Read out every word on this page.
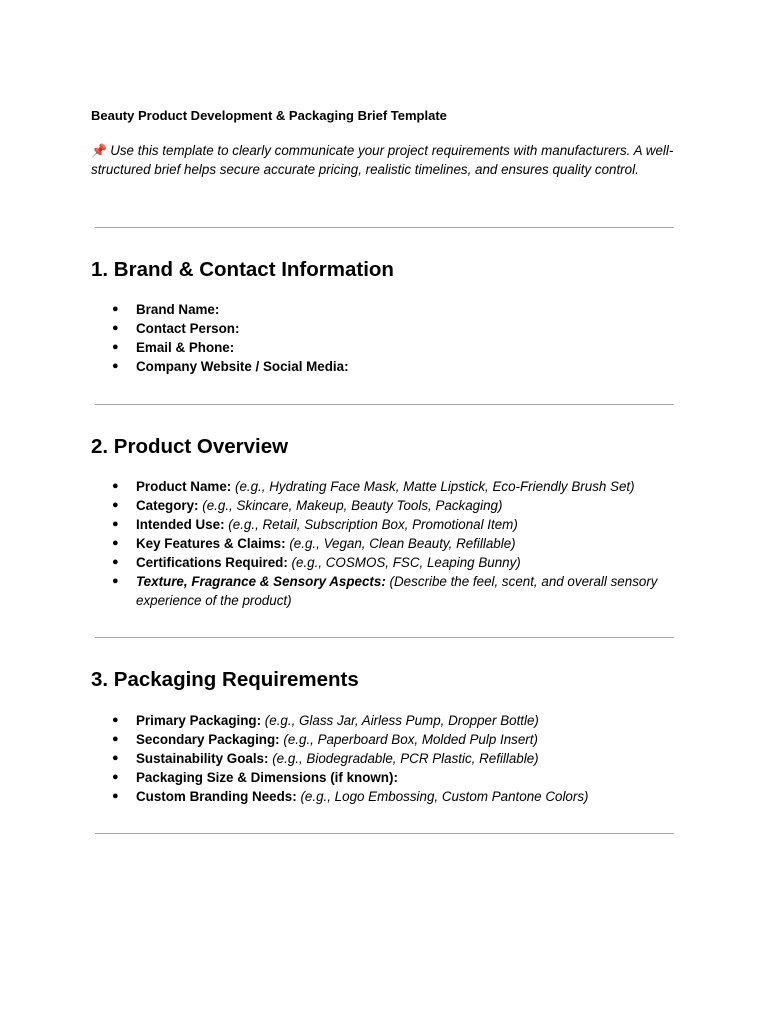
Beauty Product Development & Packaging Brief Template

📌 Use this template to clearly communicate your project requirements with manufacturers. A well-structured brief helps secure accurate pricing, realistic timelines, and ensures quality control.

1. Brand & Contact Information
● Brand Name:
● Contact Person:
● Email & Phone:
● Company Website / Social Media:
2. Product Overview
● Product Name: (e.g., Hydrating Face Mask, Matte Lipstick, Eco-Friendly Brush Set)
● Category: (e.g., Skincare, Makeup, Beauty Tools, Packaging)
● Intended Use: (e.g., Retail, Subscription Box, Promotional Item)
● Key Features & Claims: (e.g., Vegan, Clean Beauty, Refillable)
● Certifications Required: (e.g., COSMOS, FSC, Leaping Bunny)
● Texture, Fragrance & Sensory Aspects: (Describe the feel, scent, and overall sensory experience of the product)
3. Packaging Requirements
● Primary Packaging: (e.g., Glass Jar, Airless Pump, Dropper Bottle)
● Secondary Packaging: (e.g., Paperboard Box, Molded Pulp Insert)
● Sustainability Goals: (e.g., Biodegradable, PCR Plastic, Refillable)
● Packaging Size & Dimensions (if known):
● Custom Branding Needs: (e.g., Logo Embossing, Custom Pantone Colors)
